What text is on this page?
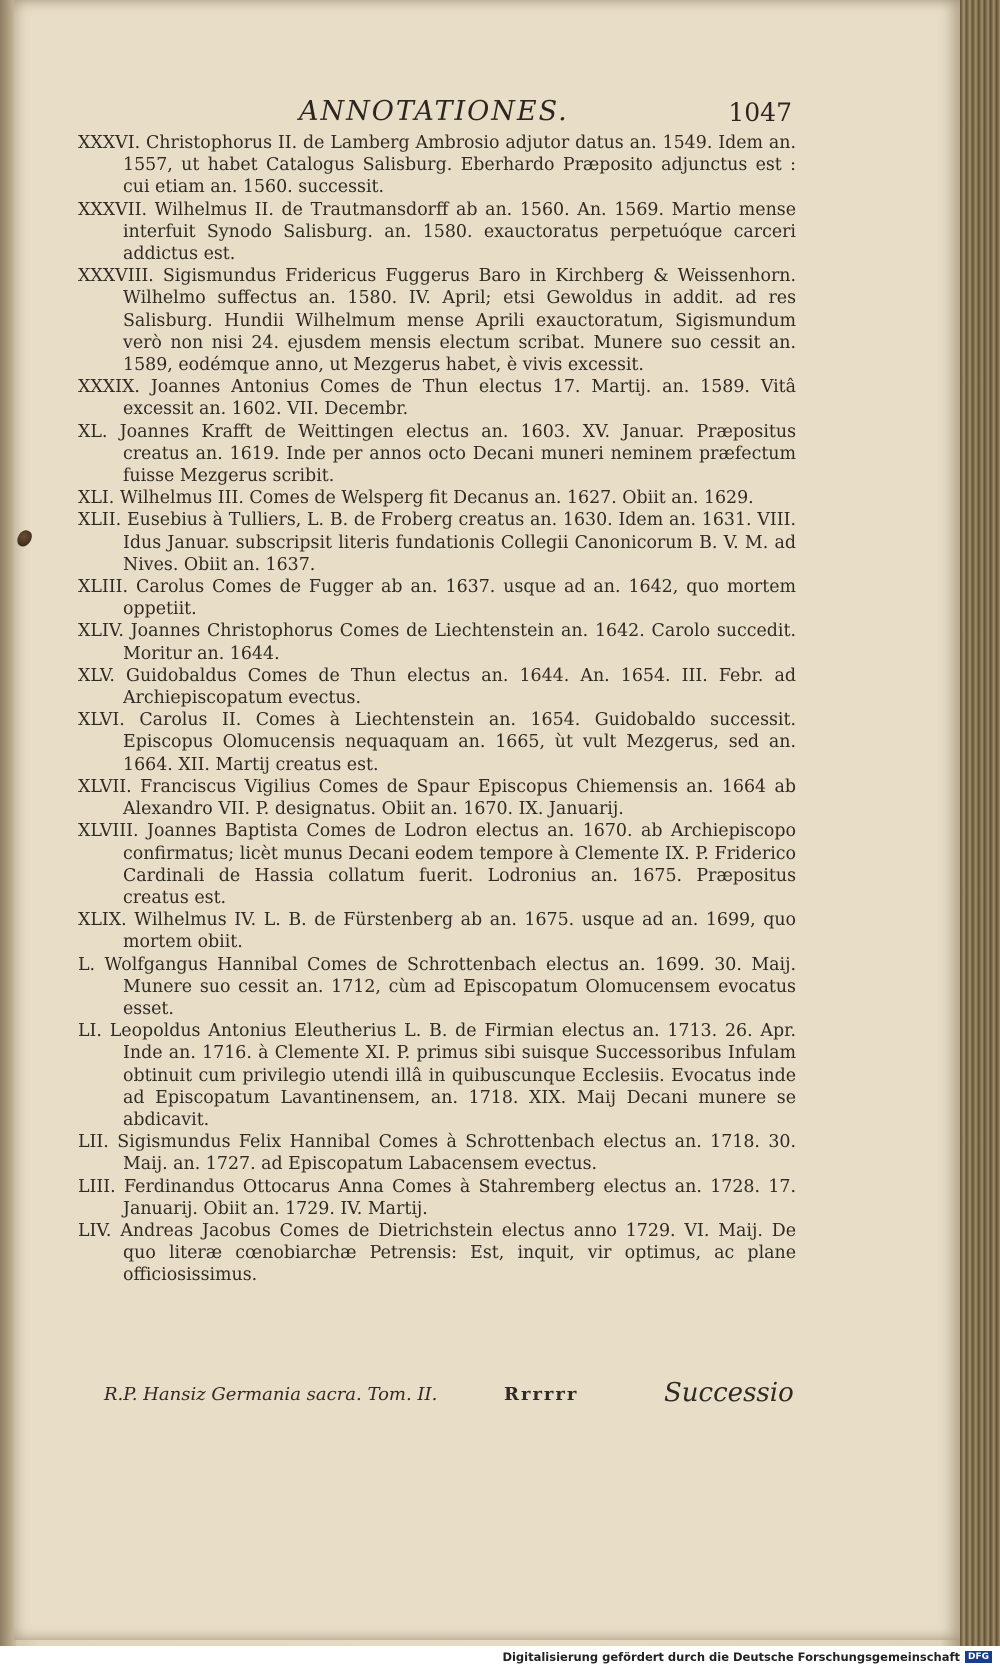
ANNOTATIONES.	1047
XXXVI. Christophorus II. de Lamberg Ambrosio adjutor datus an. 1549. Idem an. 1557, ut habet Catalogus Salisburg. Eberhardo Præposito adjunctus est : cui etiam an. 1560. successit.
XXXVII. Wilhelmus II. de Trautmansdorff ab an. 1560. An. 1569. Martio mense interfuit Synodo Salisburg. an. 1580. exauctoratus perpetuóque carceri addictus est.
XXXVIII. Sigismundus Fridericus Fuggerus Baro in Kirchberg & Weissenhorn. Wilhelmo suffectus an. 1580. IV. April; etsi Gewoldus in addit. ad res Salisburg. Hundii Wilhelmum mense Aprili exauctoratum, Sigismundum verò non nisi 24. ejusdem mensis electum scribat. Munere suo cessit an. 1589, eodémque anno, ut Mezgerus habet, è vivis excessit.
XXXIX. Joannes Antonius Comes de Thun electus 17. Martij. an. 1589. Vitâ excessit an. 1602. VII. Decembr.
XL. Joannes Krafft de Weittingen electus an. 1603. XV. Januar. Præpositus creatus an. 1619. Inde per annos octo Decani muneri neminem præfectum fuisse Mezgerus scribit.
XLI. Wilhelmus III. Comes de Welsperg fit Decanus an. 1627. Obiit an. 1629.
XLII. Eusebius à Tulliers, L. B. de Froberg creatus an. 1630. Idem an. 1631. VIII. Idus Januar. subscripsit literis fundationis Collegii Canonicorum B. V. M. ad Nives. Obiit an. 1637.
XLIII. Carolus Comes de Fugger ab an. 1637. usque ad an. 1642, quo mortem oppetiit.
XLIV. Joannes Christophorus Comes de Liechtenstein an. 1642. Carolo succedit. Moritur an. 1644.
XLV. Guidobaldus Comes de Thun electus an. 1644. An. 1654. III. Febr. ad Archiepiscopatum evectus.
XLVI. Carolus II. Comes à Liechtenstein an. 1654. Guidobaldo successit. Episcopus Olomucensis nequaquam an. 1665, ùt vult Mezgerus, sed an. 1664. XII. Martij creatus est.
XLVII. Franciscus Vigilius Comes de Spaur Episcopus Chiemensis an. 1664 ab Alexandro VII. P. designatus. Obiit an. 1670. IX. Januarij.
XLVIII. Joannes Baptista Comes de Lodron electus an. 1670. ab Archiepiscopo confirmatus; licèt munus Decani eodem tempore à Clemente IX. P. Friderico Cardinali de Hassia collatum fuerit. Lodronius an. 1675. Præpositus creatus est.
XLIX. Wilhelmus IV. L. B. de Fürstenberg ab an. 1675. usque ad an. 1699, quo mortem obiit.
L. Wolfgangus Hannibal Comes de Schrottenbach electus an. 1699. 30. Maij. Munere suo cessit an. 1712, cùm ad Episcopatum Olomucensem evocatus esset.
LI. Leopoldus Antonius Eleutherius L. B. de Firmian electus an. 1713. 26. Apr. Inde an. 1716. à Clemente XI. P. primus sibi suisque Successoribus Infulam obtinuit cum privilegio utendi illâ in quibuscunque Ecclesiis. Evocatus inde ad Episcopatum Lavantinensem, an. 1718. XIX. Maij Decani munere se abdicavit.
LII. Sigismundus Felix Hannibal Comes à Schrottenbach electus an. 1718. 30. Maij. an. 1727. ad Episcopatum Labacensem evectus.
LIII. Ferdinandus Ottocarus Anna Comes à Stahremberg electus an. 1728. 17. Januarij. Obiit an. 1729. IV. Martij.
LIV. Andreas Jacobus Comes de Dietrichstein electus anno 1729. VI. Maij. De quo literæ cœnobiarchæ Petrensis: Est, inquit, vir optimus, ac plane officiosissimus.
R.P. Hansiz Germania sacra. Tom. II.	Rrrrrr	Successio
Digitalisierung gefördert durch die Deutsche Forschungsgemeinschaft DFG
